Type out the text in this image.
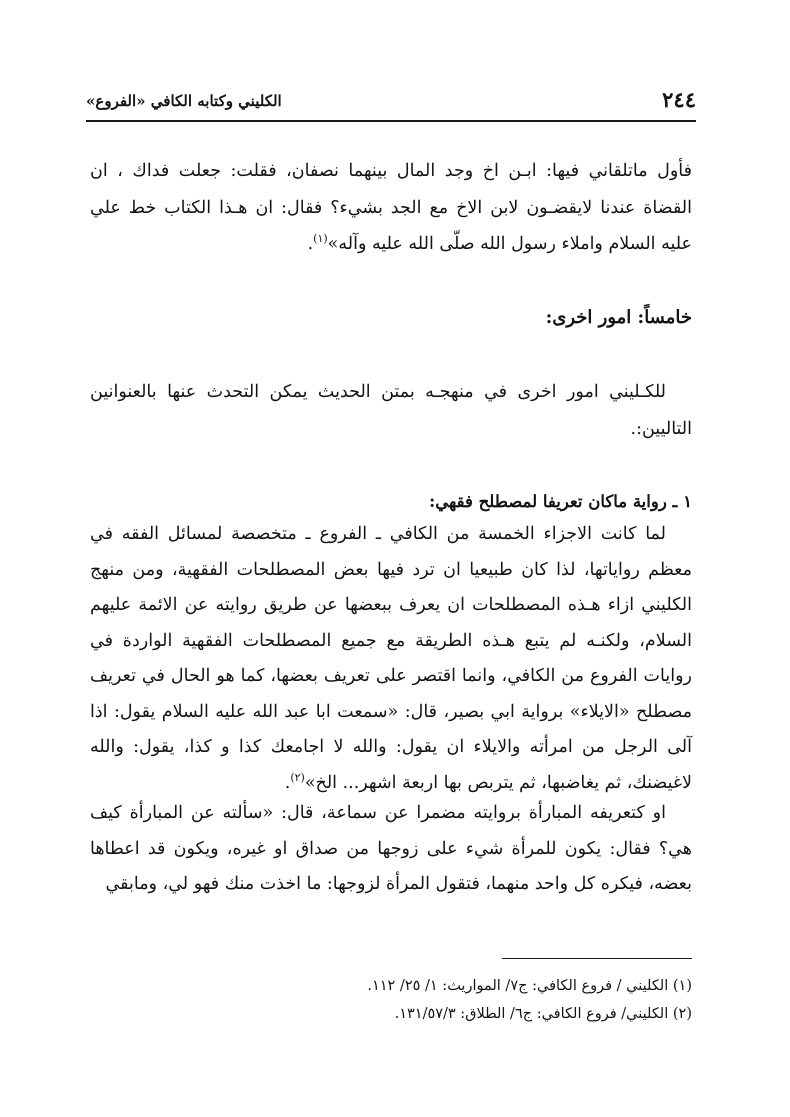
٢٤٤
الكليني وكتابه الكافي «الفروع»

فأول ماتلقاني فيها: ابـن اخ وجد المال بينهما نصفان، فقلت: جعلت فداك ، ان القضاة عندنا لايقضـون لابن الاخ مع الجد بشيء؟ فقال: ان هـذا الكتاب خط علي عليه السلام واملاء رسول الله صلّى الله عليه وآله»$^{(١)}$.

خامساً: امور اخرى:

للكـليني امور اخرى في منهجـه بمتن الحديث يمكن التحدث عنها بالعنوانين التاليين:.

١ ـ رواية ماكان تعريفا لمصطلح فقهي:

لما كانت الاجزاء الخمسة من الكافي ـ الفروع ـ متخصصة لمسائل الفقه في معظم رواياتها، لذا كان طبيعيا ان ترد فيها بعض المصطلحات الفقهية، ومن منهج الكليني ازاء هـذه المصطلحات ان يعرف ببعضها عن طريق روايته عن الائمة عليهم السلام، ولكنـه لم يتبع هـذه الطريقة مع جميع المصطلحات الفقهية الواردة في روايات الفروع من الكافي، وانما اقتصر على تعريف بعضها، كما هو الحال في تعريف مصطلح «الايلاء» برواية ابي بصير، قال: «سمعت ابا عبد الله عليه السلام يقول: اذا آلى الرجل من امرأته والايلاء ان يقول: والله لا اجامعك كذا و كذا، يقول: والله لاغيضنك، ثم يغاضبها، ثم يتربص بها اربعة اشهر... الخ»$^{(٢)}$.

او كتعريفه المبارأة بروايته مضمرا عن سماعة، قال: «سألته عن المبارأة كيف هي؟ فقال: يكون للمرأة شيء على زوجها من صداق او غيره، ويكون قد اعطاها بعضه، فيكره كل واحد منهما، فتقول المرأة لزوجها: ما اخذت منك فهو لي، ومابقي

(١) الكليني / فروع الكافي: ج٧/ المواريث: ١/ ٢٥/ ١١٢.
(٢) الكليني/ فروع الكافي: ج٦/ الطلاق: ١٣١/٥٧/٣.
